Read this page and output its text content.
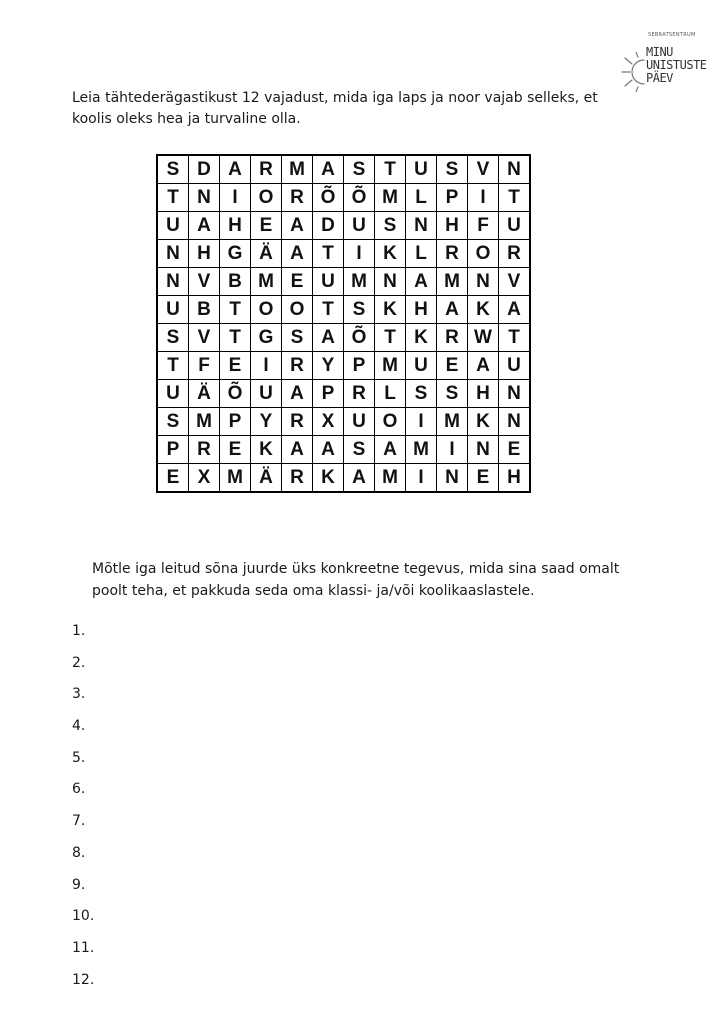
SEBRATSENTRUM
MINU
UNISTUSTE
PÄEV
Leia tähtederägastikust 12 vajadust, mida iga laps ja noor vajab selleks, et koolis oleks hea ja turvaline olla.
S	D	A	R	M	A	S	T	U	S	V	N
T	N	I	O	R	Õ	Õ	M	L	P	I	T
U	A	H	E	A	D	U	S	N	H	F	U
N	H	G	Ä	A	T	I	K	L	R	O	R
N	V	B	M	E	U	M	N	A	M	N	V
U	B	T	O	O	T	S	K	H	A	K	A
S	V	T	G	S	A	Õ	T	K	R	W	T
T	F	E	I	R	Y	P	M	U	E	A	U
U	Ä	Õ	U	A	P	R	L	S	S	H	N
S	M	P	Y	R	X	U	O	I	M	K	N
P	R	E	K	A	A	S	A	M	I	N	E
E	X	M	Ä	R	K	A	M	I	N	E	H
Mõtle iga leitud sõna juurde üks konkreetne tegevus, mida sina saad omalt poolt teha, et pakkuda seda oma klassi- ja/või koolikaaslastele.
1.
2.
3.
4.
5.
6.
7.
8.
9.
10.
11.
12.
